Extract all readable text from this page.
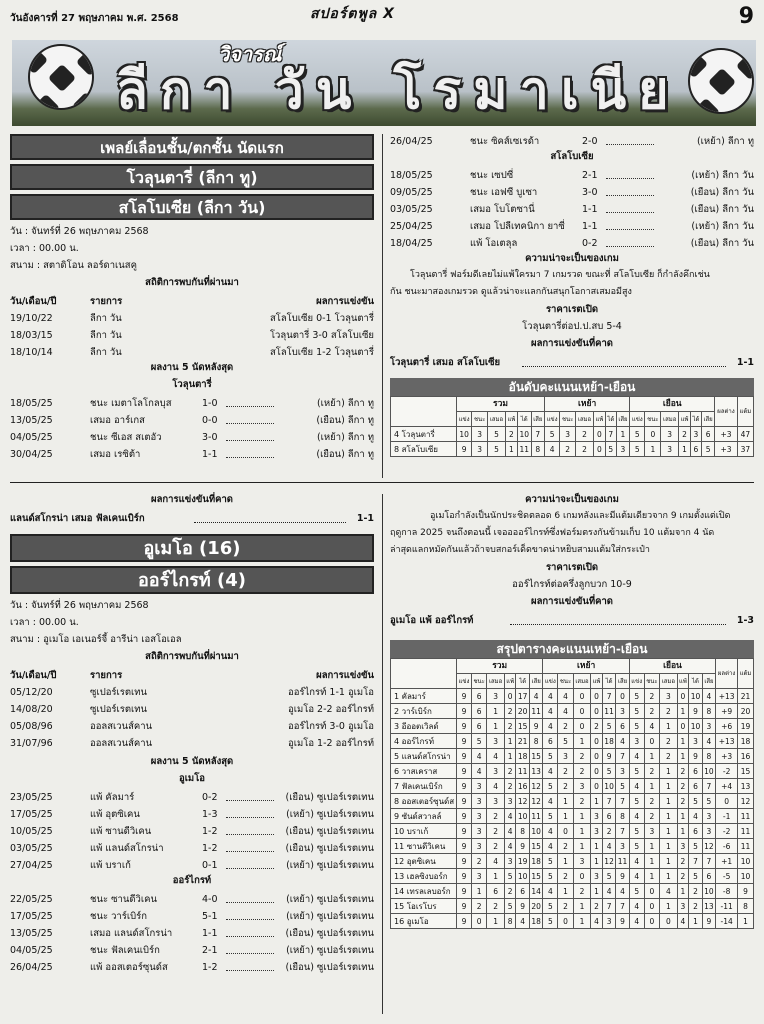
วันอังคารที่ 27 พฤษภาคม พ.ศ. 2568	สปอร์ตพูล X	9
วิจารณ์
ลีกา วัน โรมาเนีย
เพลย์เลื่อนชั้น/ตกชั้น นัดแรก
โวลุนตารี่ (ลีกา ทู)
สโลโบเซีย (ลีกา วัน)
วัน : จันทร์ที่ 26 พฤษภาคม 2568
เวลา : 00.00 น.
สนาม : สตาดิโอน ลอร์ดาเนสคู
สถิติการพบกันที่ผ่านมา
วัน/เดือน/ปี	รายการ	ผลการแข่งขัน
19/10/22	ลีกา วัน	สโลโบเซีย 0-1 โวลุนตารี่
18/03/15	ลีกา วัน	โวลุนตารี่ 3-0 สโลโบเซีย
18/10/14	ลีกา วัน	สโลโบเซีย 1-2 โวลุนตารี่
ผลงาน 5 นัดหลังสุด
โวลุนตารี่
18/05/25	ชนะ เมตาโลโกลบุส	1-0	(เหย้า) ลีกา ทู
13/05/25	เสมอ อาร์เกส	0-0	(เยือน) ลีกา ทู
04/05/25	ชนะ ซีเอส สเตอัว	3-0	(เหย้า) ลีกา ทู
30/04/25	เสมอ เรซิต้า	1-1	(เยือน) ลีกา ทู
26/04/25	ชนะ ซิคส์เซเรด้า	2-0	(เหย้า) ลีกา ทู
สโลโบเซีย
18/05/25	ชนะ เซปซี่	2-1	(เหย้า) ลีกา วัน
09/05/25	ชนะ เอฟซี บูเซา	3-0	(เยือน) ลีกา วัน
03/05/25	เสมอ โบโตซานี่	1-1	(เยือน) ลีกา วัน
25/04/25	เสมอ โปลีเทคนิกา ยาซี่ 1-1	(เหย้า) ลีกา วัน
18/04/25	แพ้ โอเตลุล	0-2	(เยือน) ลีกา วัน
ความน่าจะเป็นของเกม
โวลุนตารี่ ฟอร์มดีเลยไม่แพ้ใครมา 7 เกมรวด ขณะที่ สโลโบเซีย ก็กำลังคึกเช่น
กัน ชนะมาสองเกมรวด ดูแล้วน่าจะแลกกันสนุกโอกาสเสมอมีสูง
ราคาเรตเปิด
โวลุนตารี่ต่อป.ป.สบ 5-4
ผลการแข่งขันที่คาด
โวลุนตารี่ เสมอ สโลโบเซีย	1-1
อันดับคะแนนเหย้า-เยือน
	รวม						เหย้า						เยือน						ผลต่าง	แต้ม
	แข่ง	ชนะ	เสมอ	แพ้	ได้	เสีย	แข่ง	ชนะ	เสมอ	แพ้	ได้	เสีย	แข่ง	ชนะ	เสมอ	แพ้	ได้	เสีย		
4 โวลุนตารี่	10	3	5	2	10	7	5	3	2	0	7	1	5	0	3	2	3	6	+3	47
8 สโลโบเซีย	9	3	5	1	11	8	4	2	2	0	5	3	5	1	3	1	6	5	+3	37
ผลการแข่งขันที่คาด
แลนด์สโกรน่า เสมอ ฟัลเคนเบิร์ก	1-1
อูเมโอ (16)
ออร์ไกรท์ (4)
วัน : จันทร์ที่ 26 พฤษภาคม 2568
เวลา : 00.00 น.
สนาม : อูเมโอ เอเนอร์จี้ อารีน่า เอสโอเอล
สถิติการพบกันที่ผ่านมา
วัน/เดือน/ปี	รายการ	ผลการแข่งขัน
05/12/20	ซูเปอร์เรตเทน	ออร์ไกรท์ 1-1 อูเมโอ
14/08/20	ซูเปอร์เรตเทน	อูเมโอ 2-2 ออร์ไกรท์
05/08/96	ออลสเวนส์คาน	ออร์ไกรท์ 3-0 อูเมโอ
31/07/96	ออลสเวนส์คาน	อูเมโอ 1-2 ออร์ไกรท์
ผลงาน 5 นัดหลังสุด
อูเมโอ
23/05/25	แพ้ คัลมาร์	0-2	(เยือน) ซูเปอร์เรตเทน
17/05/25	แพ้ อุตซิเคน	1-3	(เหย้า) ซูเปอร์เรตเทน
10/05/25	แพ้ ซานดีวิเคน	1-2	(เยือน) ซูเปอร์เรตเทน
03/05/25	แพ้ แลนด์สโกรน่า	1-2	(เยือน) ซูเปอร์เรตเทน
27/04/25	แพ้ บราเก้	0-1	(เหย้า) ซูเปอร์เรตเทน
ออร์ไกรท์
22/05/25	ชนะ ซานดีวิเคน	4-0	(เหย้า) ซูเปอร์เรตเทน
17/05/25	ชนะ วาร์เบิร์ก	5-1	(เหย้า) ซูเปอร์เรตเทน
13/05/25	เสมอ แลนด์สโกรน่า	1-1	(เยือน) ซูเปอร์เรตเทน
04/05/25	ชนะ ฟัลเคนเบิร์ก	2-1	(เหย้า) ซูเปอร์เรตเทน
26/04/25	แพ้ ออสเตอร์ซุนด์ส	1-2	(เยือน) ซูเปอร์เรตเทน
ความน่าจะเป็นของเกม
อูเมโอกำลังเป็นนักประชิดตลอด 6 เกมหลังและมีแต้มเดียวจาก 9 เกมตั้งแต่เปิด
ฤดูกาล 2025 จนถึงตอนนี้ เจออออร์ไกรท์ซึ่งฟอร์มตรงกันข้ามเก็บ 10 แต้มจาก 4 นัด
ล่าสุดแลกหมัดกันแล้วถ้าจบสกอร์เด็ดขาดน่าหยิบสามแต้มใส่กระเป๋า
ราคาเรตเปิด
ออร์ไกรท์ต่อครึ่งลูกบวก 10-9
ผลการแข่งขันที่คาด
อูเมโอ แพ้ ออร์ไกรท์	1-3
สรุปตารางคะแนนเหย้า-เยือน
	รวม						เหย้า						เยือน						ผลต่าง	แต้ม
	แข่ง	ชนะ	เสมอ	แพ้	ได้	เสีย	แข่ง	ชนะ	เสมอ	แพ้	ได้	เสีย	แข่ง	ชนะ	เสมอ	แพ้	ได้	เสีย		
1 คัลมาร์	9	6	3	0	17	4	4	4	0	0	7	0	5	2	3	0	10	4	+13	21
2 วาร์เบิร์ก	9	6	1	2	20	11	4	4	0	0	11	3	5	2	2	1	9	8	+9	20
3 อีออตเวิลด์	9	6	1	2	15	9	4	2	0	2	5	6	5	4	1	0	10	3	+6	19
4 ออร์ไกรท์	9	5	3	1	21	8	6	5	1	0	18	4	3	0	2	1	3	4	+13	18
5 แลนด์สโกรน่า	9	4	4	1	18	15	5	3	2	0	9	7	4	1	2	1	9	8	+3	16
6 วาสเคราส	9	4	3	2	11	13	4	2	2	0	5	3	5	2	1	2	6	10	-2	15
7 ฟัลเคนเบิร์ก	9	3	4	2	16	12	5	2	3	0	10	5	4	1	1	2	6	7	+4	13
8 ออสเตอร์ซุนด์ส	9	3	3	3	12	12	4	1	2	1	7	7	5	2	1	2	5	5	0	12
9 ซันด์สวาลล์	9	3	2	4	10	11	5	1	1	3	6	8	4	2	1	1	4	3	-1	11
10 บราเก้	9	3	2	4	8	10	4	0	1	3	2	7	5	3	1	1	6	3	-2	11
11 ซานดีวิเคน	9	3	2	4	9	15	4	2	1	1	4	3	5	1	1	3	5	12	-6	11
12 อุตซิเคน	9	2	4	3	19	18	5	1	3	1	12	11	4	1	1	2	7	7	+1	10
13 เฮลซิงบอร์ก	9	3	1	5	10	15	5	2	0	3	5	9	4	1	1	2	5	6	-5	10
14 เทรลเลบอร์ก	9	1	6	2	6	14	4	1	2	1	4	4	5	0	4	1	2	10	-8	9
15 โอเรโบร	9	2	2	5	9	20	5	2	1	2	7	7	4	0	1	3	2	13	-11	8
16 อูเมโอ	9	0	1	8	4	18	5	0	1	4	3	9	4	0	0	4	1	9	-14	1
